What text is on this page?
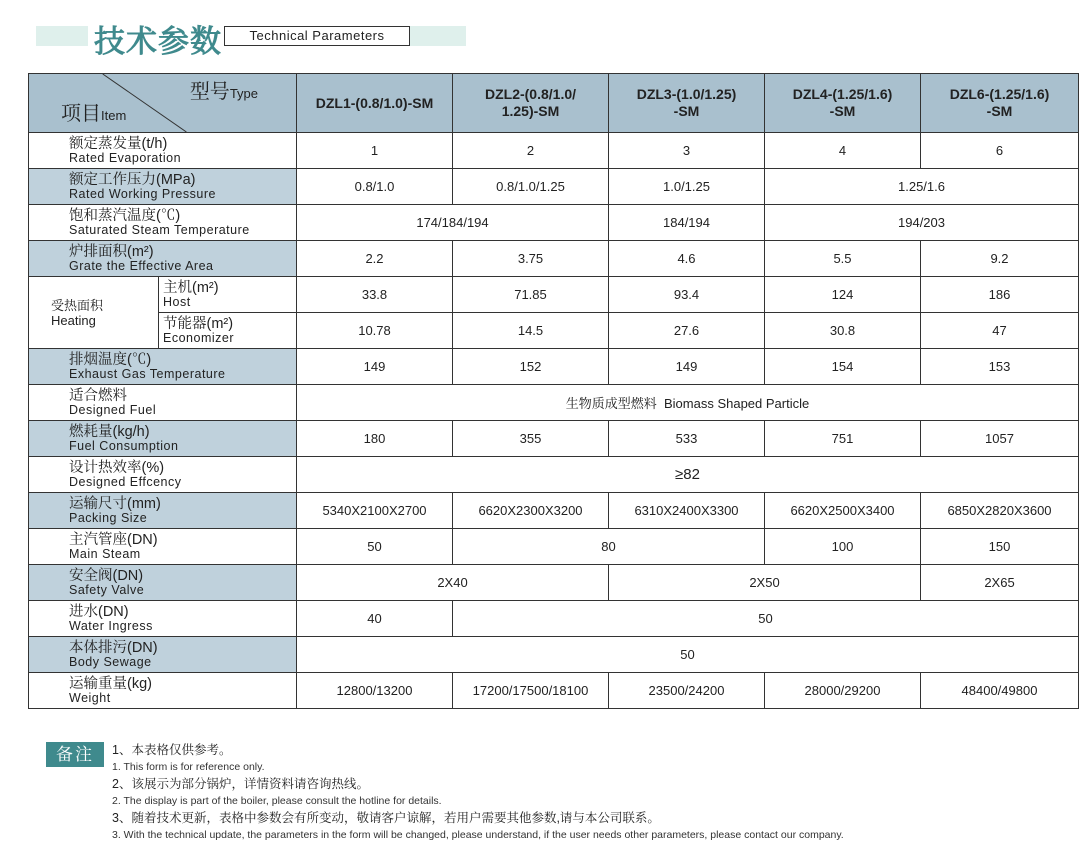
技术参数	Technical Parameters
型号Type
项目Item		DZL1-(0.8/1.0)-SM	DZL2-(0.8/1.0/
1.25)-SM	DZL3-(1.0/1.25)
-SM	DZL4-(1.25/1.6)
-SM	DZL6-(1.25/1.6)
-SM

额定蒸发量(t/h)
Rated Evaporation		1	2	3	4	6

额定工作压力(MPa)
Rated Working Pressure		0.8/1.0	0.8/1.0/1.25	1.0/1.25	1.25/1.6	

饱和蒸汽温度(℃)
Saturated Steam Temperature		174/184/194		184/194	194/203	

炉排面积(m²)
Grate the Effective Area		2.2	3.75	4.6	5.5	9.2
受热面积
Heating	主机(m²)
Host	33.8	71.85	93.4	124	186

	节能器(m²)
Economizer	10.78	14.5	27.6	30.8	47

排烟温度(℃)
Exhaust Gas Temperature		149	152	149	154	153

适合燃料
Designed Fuel		生物质成型燃料  Biomass Shaped Particle				

燃耗量(kg/h)
Fuel Consumption		180	355	533	751	1057

设计热效率(%)
Designed Effcency		≥82				

运输尺寸(mm)
Packing Size		5340X2100X2700	6620X2300X3200	6310X2400X3300	6620X2500X3400	6850X2820X3600

主汽管座(DN)
Main Steam		50	80		100	150

安全阀(DN)
Safety Valve		2X40		2X50		2X65

进水(DN)
Water Ingress		40	50			

本体排污(DN)
Body Sewage		50				

运输重量(kg)
Weight		12800/13200	17200/17500/18100	23500/24200	28000/29200	48400/49800
备注	1、本表格仅供参考。
1. This form is for reference only.
2、该展示为部分锅炉，详情资料请咨询热线。
2. The display is part of the boiler, please consult the hotline for details.
3、随着技术更新，表格中参数会有所变动，敬请客户谅解，若用户需要其他参数,请与本公司联系。
3. With the technical update, the parameters in the form will be changed, please understand, if the user needs other parameters, please contact our company.
